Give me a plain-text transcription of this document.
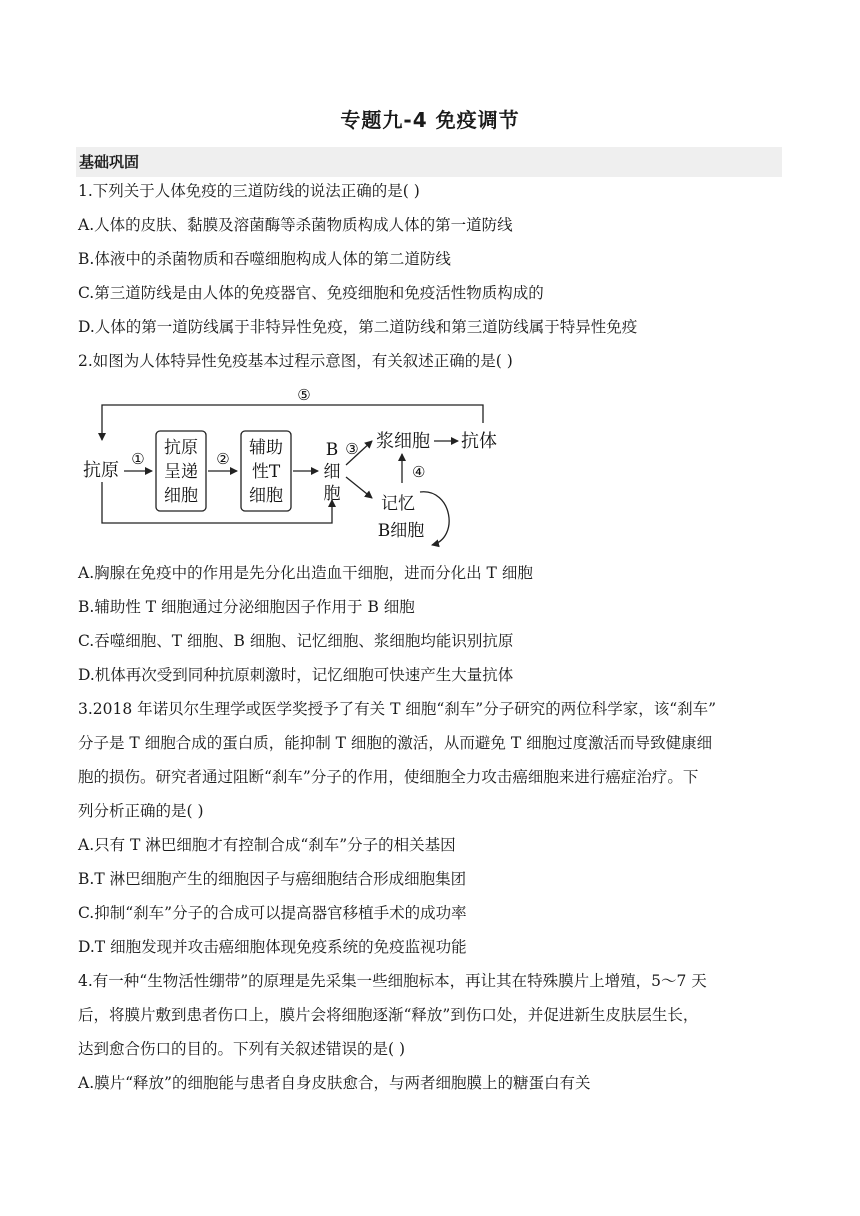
专题九-4 免疫调节
基础巩固
1.下列关于人体免疫的三道防线的说法正确的是( )
A.人体的皮肤、黏膜及溶菌酶等杀菌物质构成人体的第一道防线
B.体液中的杀菌物质和吞噬细胞构成人体的第二道防线
C.第三道防线是由人体的免疫器官、免疫细胞和免疫活性物质构成的
D.人体的第一道防线属于非特异性免疫，第二道防线和第三道防线属于特异性免疫
2.如图为人体特异性免疫基本过程示意图，有关叙述正确的是( )
⑤
抗原
①
抗原
呈递
细胞
②
辅助
性T
细胞
B
细
胞
③ 浆细胞 抗体
④
记忆
B细胞
A.胸腺在免疫中的作用是先分化出造血干细胞，进而分化出 T 细胞
B.辅助性 T 细胞通过分泌细胞因子作用于 B 细胞
C.吞噬细胞、T 细胞、B 细胞、记忆细胞、浆细胞均能识别抗原
D.机体再次受到同种抗原刺激时，记忆细胞可快速产生大量抗体
3.2018 年诺贝尔生理学或医学奖授予了有关 T 细胞“刹车”分子研究的两位科学家，该“刹车”
分子是 T 细胞合成的蛋白质，能抑制 T 细胞的激活，从而避免 T 细胞过度激活而导致健康细
胞的损伤。研究者通过阻断“刹车”分子的作用，使细胞全力攻击癌细胞来进行癌症治疗。下
列分析正确的是( )
A.只有 T 淋巴细胞才有控制合成“刹车”分子的相关基因
B.T 淋巴细胞产生的细胞因子与癌细胞结合形成细胞集团
C.抑制“刹车”分子的合成可以提高器官移植手术的成功率
D.T 细胞发现并攻击癌细胞体现免疫系统的免疫监视功能
4.有一种“生物活性绷带”的原理是先采集一些细胞标本，再让其在特殊膜片上增殖，5～7 天
后，将膜片敷到患者伤口上，膜片会将细胞逐渐“释放”到伤口处，并促进新生皮肤层生长，
达到愈合伤口的目的。下列有关叙述错误的是( )
A.膜片“释放”的细胞能与患者自身皮肤愈合，与两者细胞膜上的糖蛋白有关
